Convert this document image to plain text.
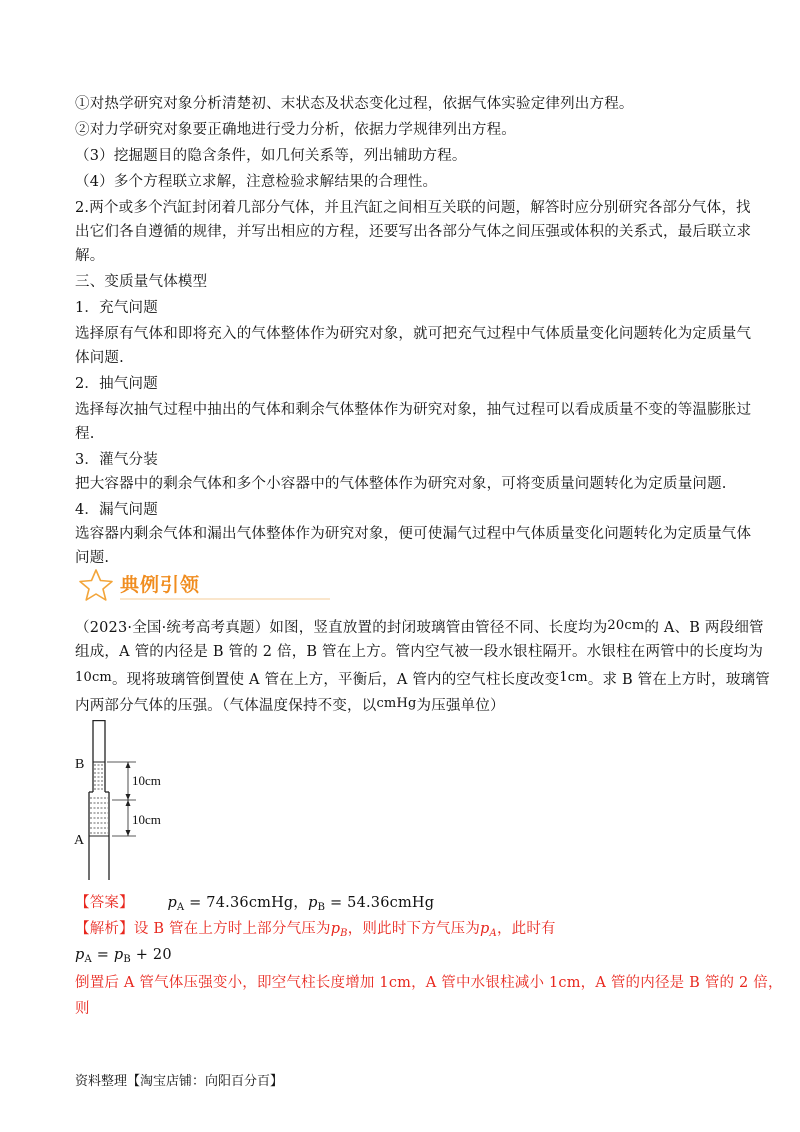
①对热学研究对象分析清楚初、末状态及状态变化过程，依据气体实验定律列出方程。
②对力学研究对象要正确地进行受力分析，依据力学规律列出方程。
（3）挖掘题目的隐含条件，如几何关系等，列出辅助方程。
（4）多个方程联立求解，注意检验求解结果的合理性。
2.两个或多个汽缸封闭着几部分气体，并且汽缸之间相互关联的问题，解答时应分别研究各部分气体，找
出它们各自遵循的规律，并写出相应的方程，还要写出各部分气体之间压强或体积的关系式，最后联立求
解。
三、变质量气体模型
1．充气问题
选择原有气体和即将充入的气体整体作为研究对象，就可把充气过程中气体质量变化问题转化为定质量气
体问题.
2．抽气问题
选择每次抽气过程中抽出的气体和剩余气体整体作为研究对象，抽气过程可以看成质量不变的等温膨胀过
程.
3．灌气分装
把大容器中的剩余气体和多个小容器中的气体整体作为研究对象，可将变质量问题转化为定质量问题.
4．漏气问题
选容器内剩余气体和漏出气体整体作为研究对象，便可使漏气过程中气体质量变化问题转化为定质量气体
问题.
典例引领
（2023·全国·统考高考真题）如图，竖直放置的封闭玻璃管由管径不同、长度均为20cm的 A、B 两段细管
组成，A 管的内径是 B 管的 2 倍，B 管在上方。管内空气被一段水银柱隔开。水银柱在两管中的长度均为
10cm。现将玻璃管倒置使 A 管在上方，平衡后，A 管内的空气柱长度改变1cm。求 B 管在上方时，玻璃管
内两部分气体的压强。（气体温度保持不变，以cmHg为压强单位）
B
A
10cm
10cm
【答案】 $p_A$ = 74.36cmHg，$p_B$ = 54.36cmHg
【解析】设 B 管在上方时上部分气压为$p_B$，则此时下方气压为$p_A$，此时有
$p_A = p_B + 20$
倒置后 A 管气体压强变小，即空气柱长度增加 1cm，A 管中水银柱减小 1cm，A 管的内径是 B 管的 2 倍，
则
资料整理【淘宝店铺：向阳百分百】
